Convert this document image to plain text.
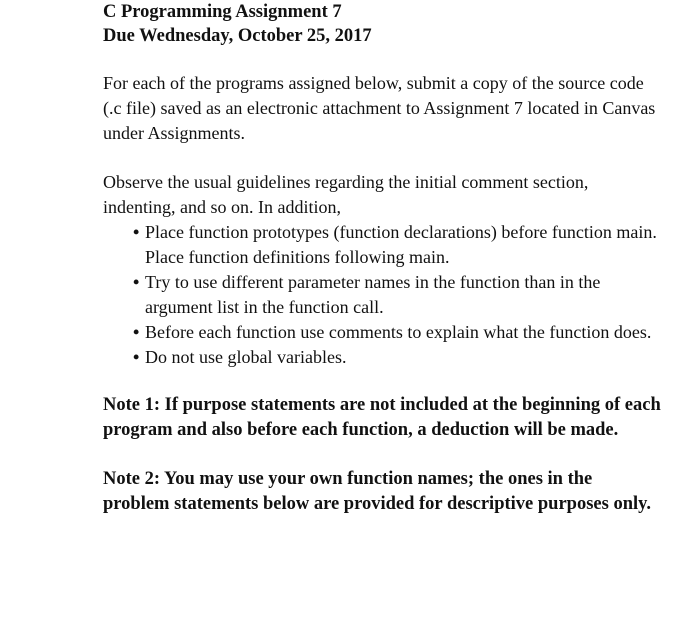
C Programming Assignment 7
Due Wednesday, October 25, 2017

For each of the programs assigned below, submit a copy of the source code (.c file) saved as an electronic attachment to Assignment 7 located in Canvas under Assignments.

Observe the usual guidelines regarding the initial comment section, indenting, and so on. In addition,

• Place function prototypes (function declarations) before function main. Place function definitions following main.
• Try to use different parameter names in the function than in the argument list in the function call.
• Before each function use comments to explain what the function does.
• Do not use global variables.

Note 1: If purpose statements are not included at the beginning of each program and also before each function, a deduction will be made.

Note 2: You may use your own function names; the ones in the problem statements below are provided for descriptive purposes only.
